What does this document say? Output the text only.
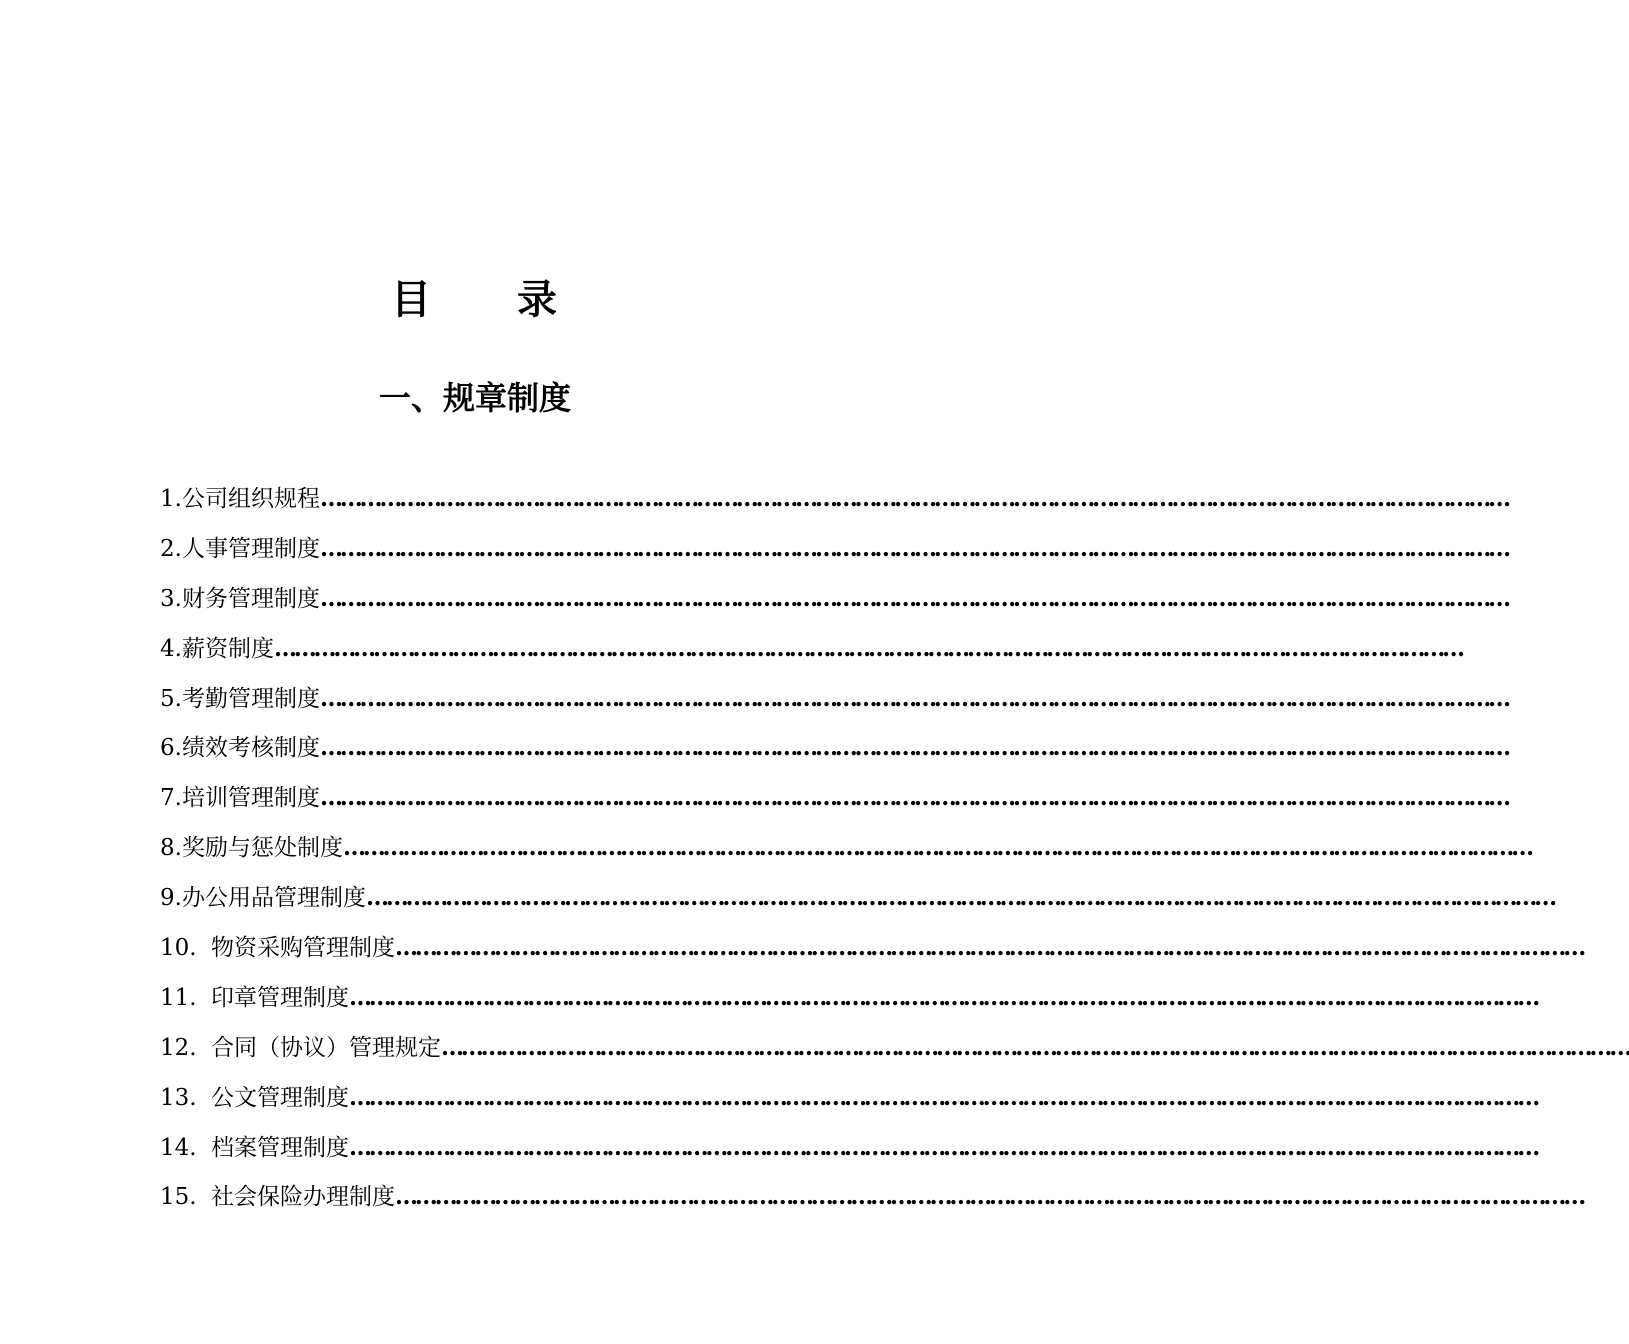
目 录
一、规章制度
1. 公司组织规程 ………………………………………………………………………………………………………………………………………………………………
2. 人事管理制度 ………………………………………………………………………………………………………………………………………………………………
3. 财务管理制度 ………………………………………………………………………………………………………………………………………………………………
4. 薪资制度 ………………………………………………………………………………………………………………………………………………………………
5. 考勤管理制度 ………………………………………………………………………………………………………………………………………………………………
6. 绩效考核制度 ………………………………………………………………………………………………………………………………………………………………
7. 培训管理制度 ………………………………………………………………………………………………………………………………………………………………
8. 奖励与惩处制度 ………………………………………………………………………………………………………………………………………………………………
9. 办公用品管理制度 ………………………………………………………………………………………………………………………………………………………………
10. 物资采购管理制度 ………………………………………………………………………………………………………………………………………………………………
11. 印章管理制度 ………………………………………………………………………………………………………………………………………………………………
12. 合同（协议）管理规定 ………………………………………………………………………………………………………………………………………………………………
13. 公文管理制度 ………………………………………………………………………………………………………………………………………………………………
14. 档案管理制度 ………………………………………………………………………………………………………………………………………………………………
15. 社会保险办理制度 ………………………………………………………………………………………………………………………………………………………………
